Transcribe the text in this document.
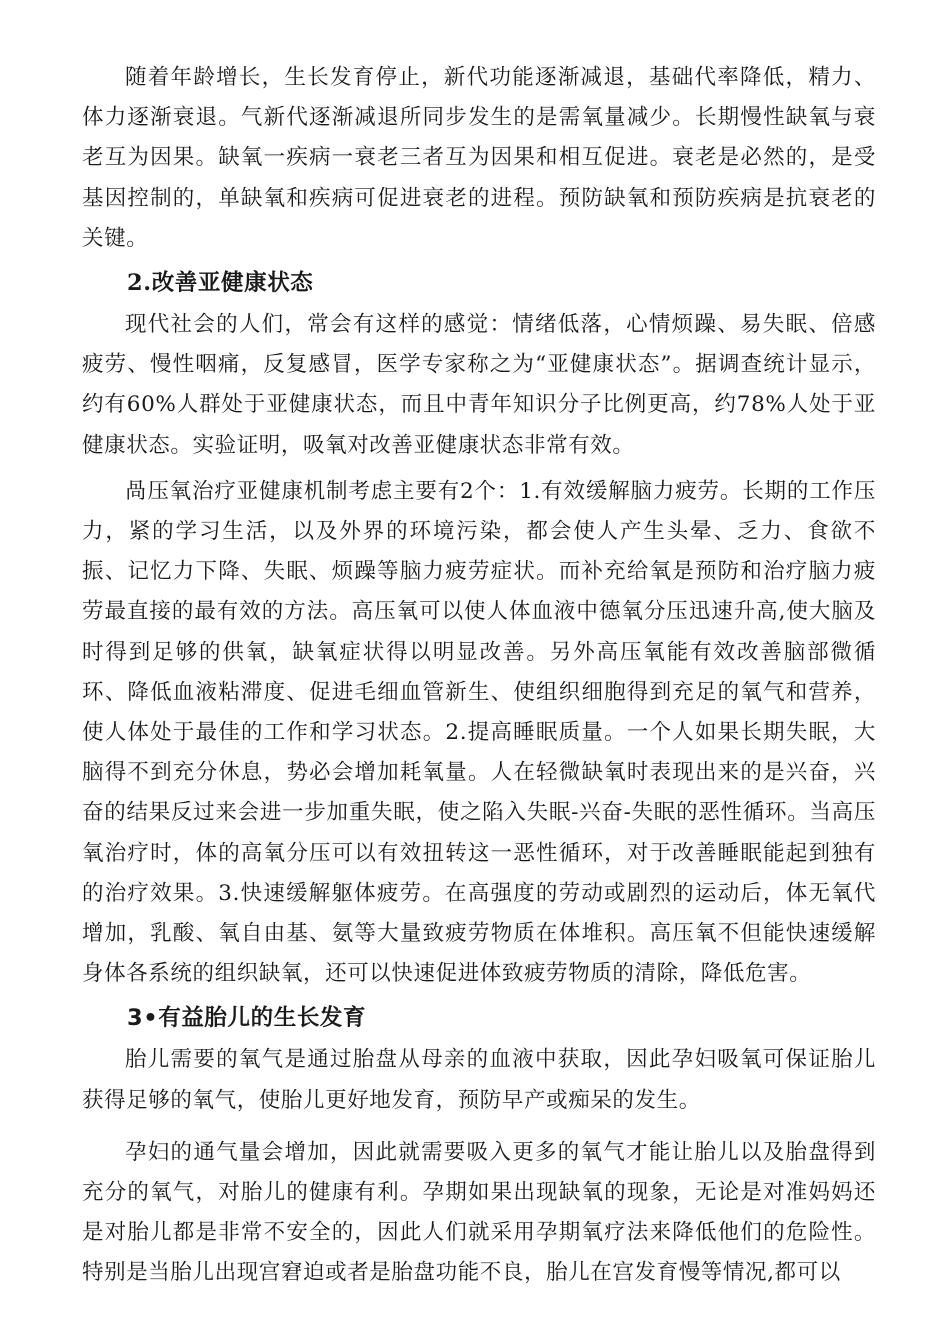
随着年龄增长，生长发育停止，新代功能逐渐减退，基础代率降低，精力、体力逐渐衰退。气新代逐渐减退所同步发生的是需氧量减少。长期慢性缺氧与衰老互为因果。缺氧一疾病一衰老三者互为因果和相互促进。衰老是必然的，是受基因控制的，单缺氧和疾病可促进衰老的进程。预防缺氧和预防疾病是抗衰老的关键。

2.改善亚健康状态

现代社会的人们，常会有这样的感觉：情绪低落，心情烦躁、易失眠、倍感疲劳、慢性咽痛，反复感冒，医学专家称之为“亚健康状态”。据调查统计显示，约有60%人群处于亚健康状态，而且中青年知识分子比例更高，约78%人处于亚健康状态。实验证明，吸氧对改善亚健康状态非常有效。

咼压氧治疗亚健康机制考虑主要有2个：1.有效缓解脑力疲劳。长期的工作压力，紧的学习生活，以及外界的环境污染，都会使人产生头晕、乏力、食欲不振、记忆力下降、失眠、烦躁等脑力疲劳症状。而补充给氧是预防和治疗脑力疲劳最直接的最有效的方法。高压氧可以使人体血液中德氧分压迅速升高,使大脑及时得到足够的供氧，缺氧症状得以明显改善。另外高压氧能有效改善脑部微循环、降低血液粘滞度、促进毛细血管新生、使组织细胞得到充足的氧气和营养，使人体处于最佳的工作和学习状态。2.提高睡眠质量。一个人如果长期失眠，大脑得不到充分休息，势必会增加耗氧量。人在轻微缺氧时表现出来的是兴奋，兴奋的结果反过来会进一步加重失眠，使之陷入失眠-兴奋-失眠的恶性循环。当高压氧治疗时，体的高氧分压可以有效扭转这一恶性循环，对于改善睡眠能起到独有的治疗效果。3.快速缓解躯体疲劳。在高强度的劳动或剧烈的运动后，体无氧代增加，乳酸、氧自由基、氨等大量致疲劳物质在体堆积。高压氧不但能快速缓解身体各系统的组织缺氧，还可以快速促进体致疲劳物质的清除，降低危害。

3•有益胎儿的生长发育

胎儿需要的氧气是通过胎盘从母亲的血液中获取，因此孕妇吸氧可保证胎儿获得足够的氧气，使胎儿更好地发育，预防早产或痴呆的发生。

孕妇的通气量会增加，因此就需要吸入更多的氧气才能让胎儿以及胎盘得到充分的氧气，对胎儿的健康有利。孕期如果出现缺氧的现象，无论是对准妈妈还是对胎儿都是非常不安全的，因此人们就采用孕期氧疗法来降低他们的危险性。特别是当胎儿出现宫窘迫或者是胎盘功能不良，胎儿在宫发育慢等情况,都可以
